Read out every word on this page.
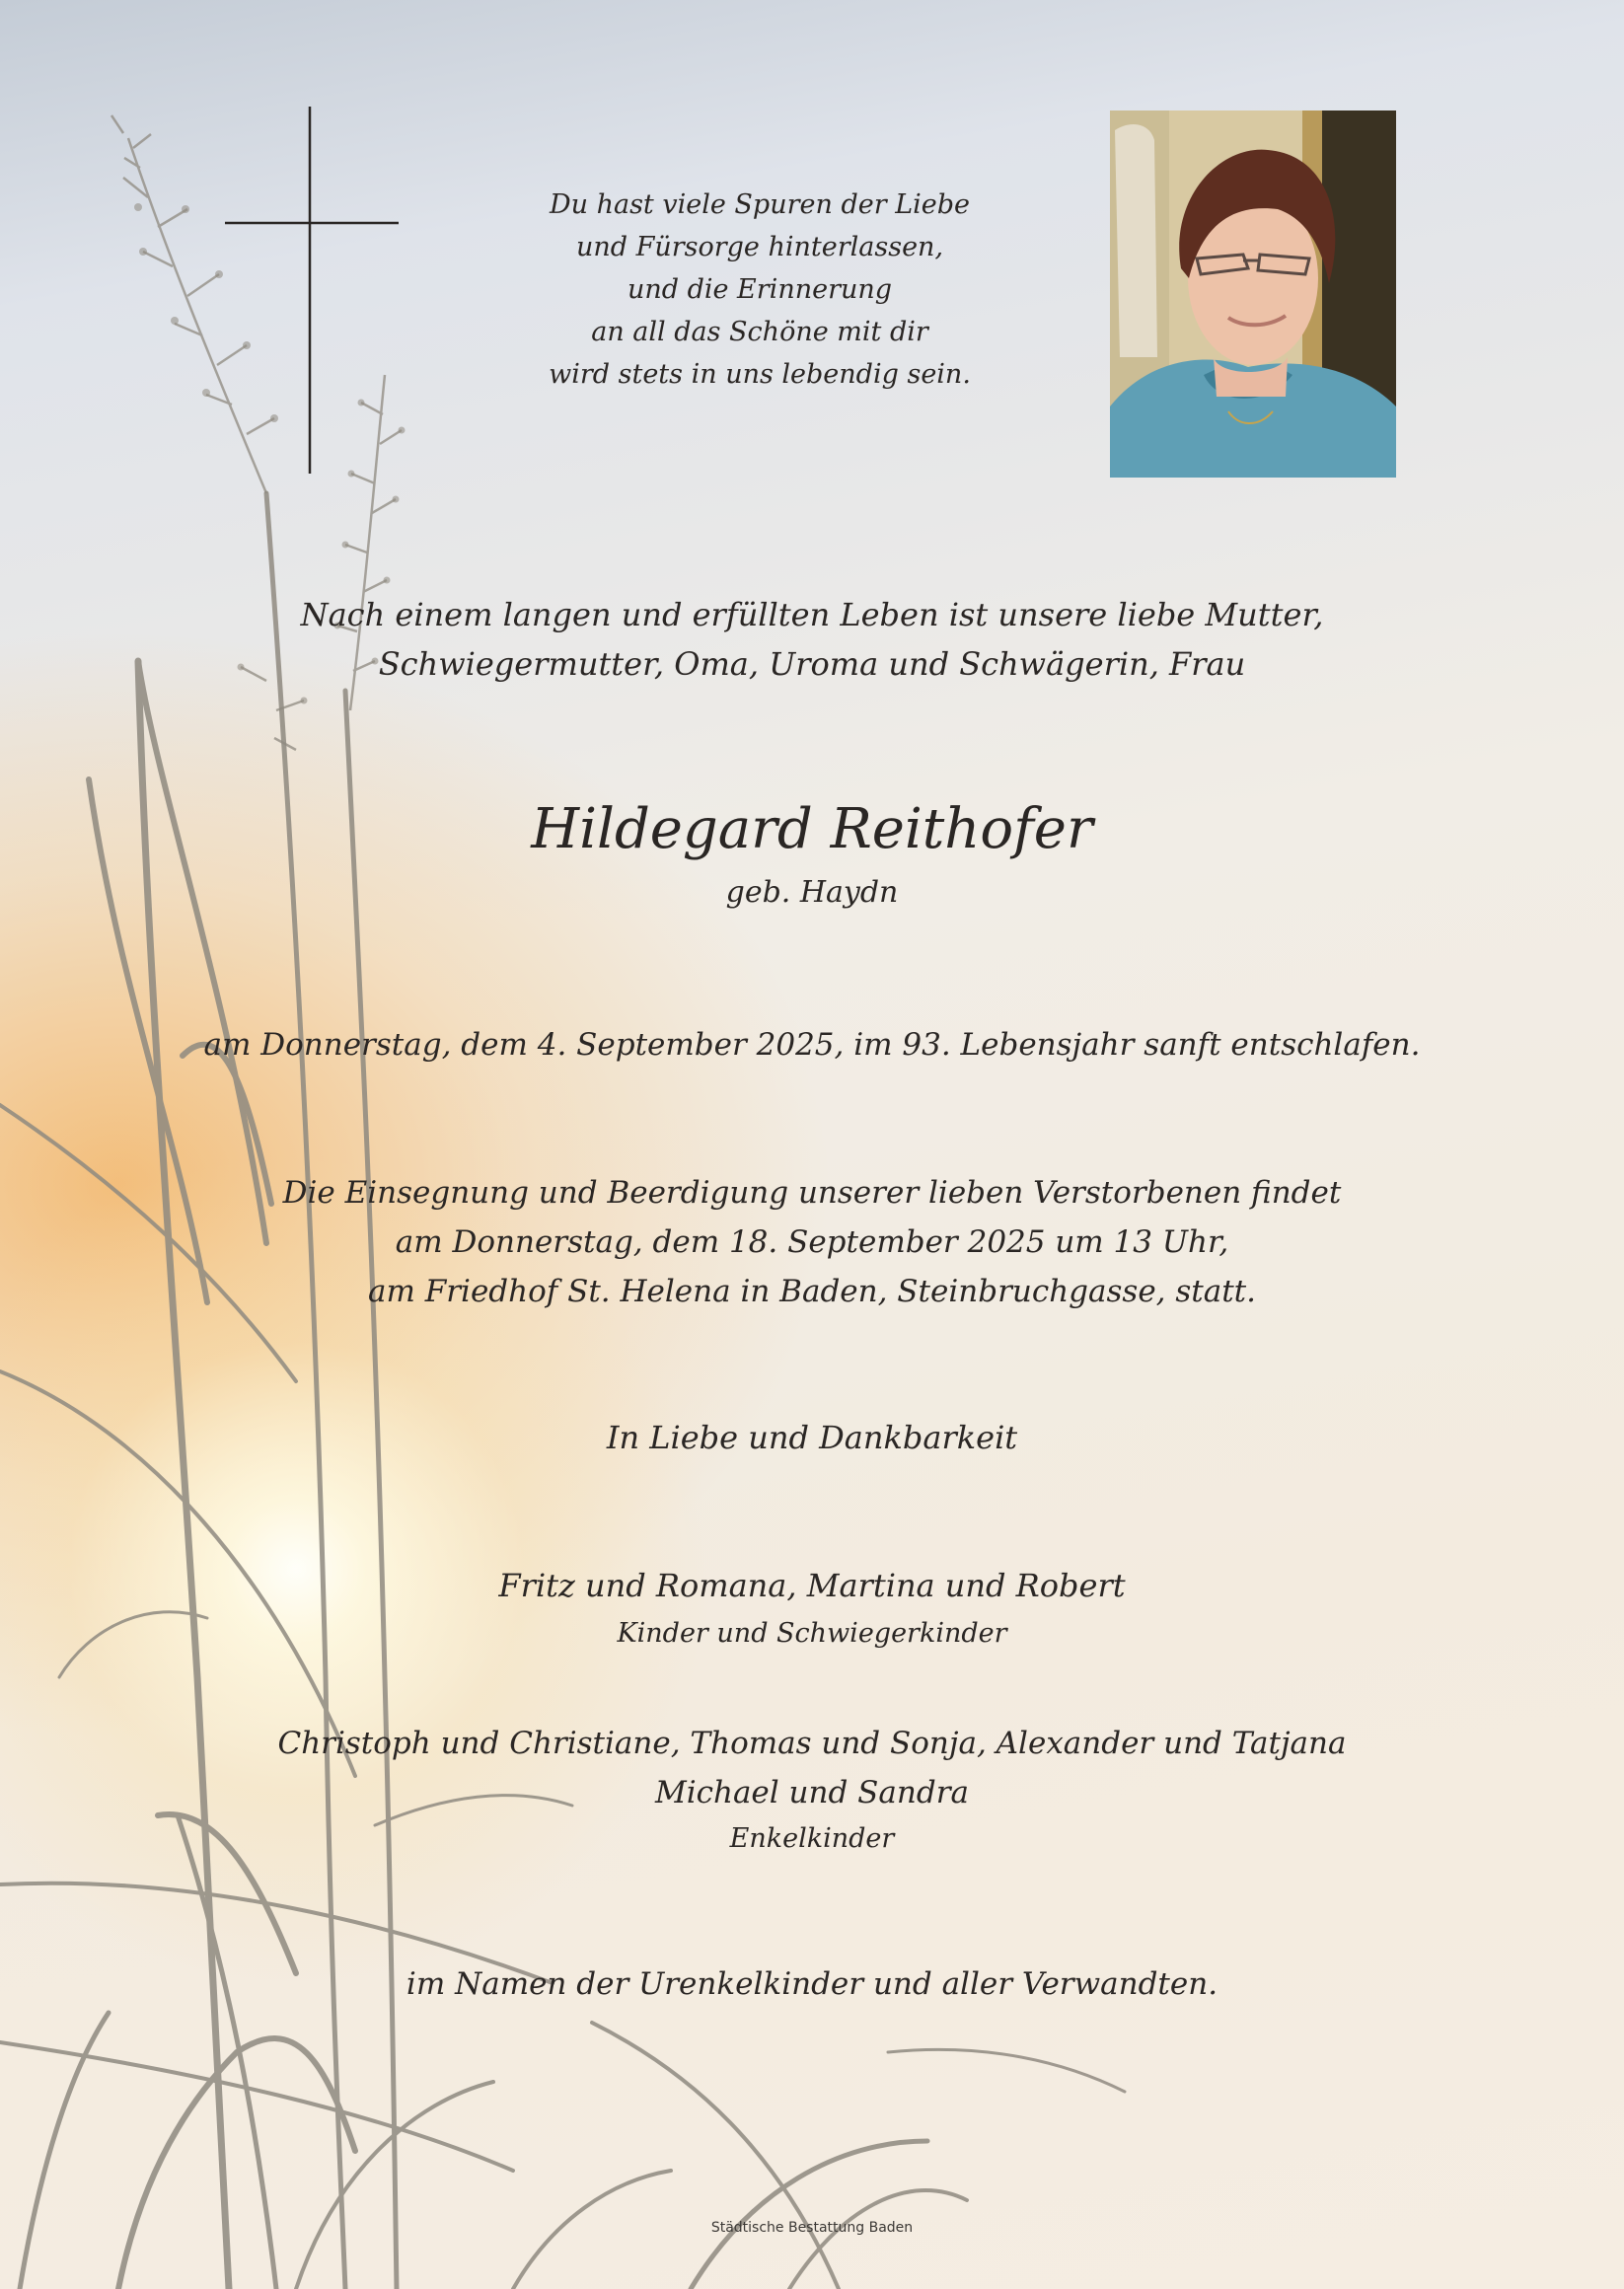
Du hast viele Spuren der Liebe
und Fürsorge hinterlassen,
und die Erinnerung
an all das Schöne mit dir
wird stets in uns lebendig sein.
Nach einem langen und erfüllten Leben ist unsere liebe Mutter,
Schwiegermutter, Oma, Uroma und Schwägerin, Frau
Hildegard Reithofer
geb. Haydn
am Donnerstag, dem 4. September 2025, im 93. Lebensjahr sanft entschlafen.
Die Einsegnung und Beerdigung unserer lieben Verstorbenen findet
am Donnerstag, dem 18. September 2025 um 13 Uhr,
am Friedhof St. Helena in Baden, Steinbruchgasse, statt.
In Liebe und Dankbarkeit
Fritz und Romana, Martina und Robert
Kinder und Schwiegerkinder
Christoph und Christiane, Thomas und Sonja, Alexander und Tatjana
Michael und Sandra
Enkelkinder
im Namen der Urenkelkinder und aller Verwandten.
Städtische Bestattung Baden
